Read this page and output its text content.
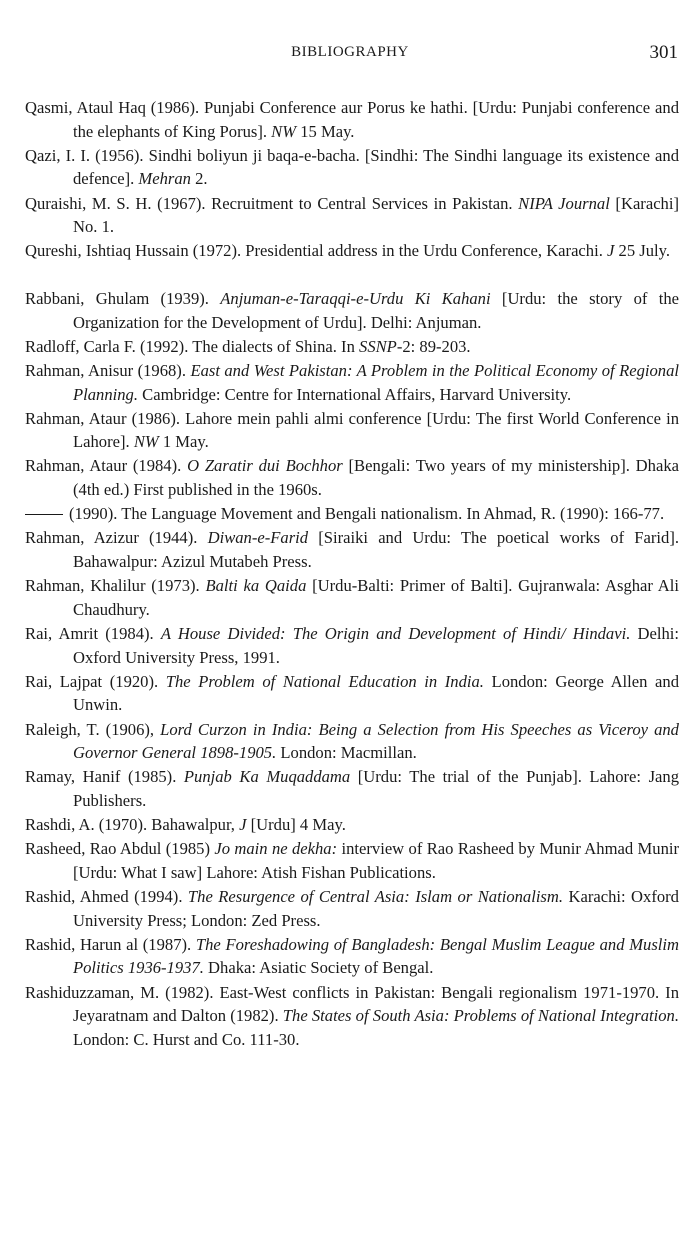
BIBLIOGRAPHY	301

Qasmi, Ataul Haq (1986). Punjabi Conference aur Porus ke hathi. [Urdu: Punjabi conference and the elephants of King Porus]. NW 15 May.

Qazi, I. I. (1956). Sindhi boliyun ji baqa-e-bacha. [Sindhi: The Sindhi language its existence and defence]. Mehran 2.

Quraishi, M. S. H. (1967). Recruitment to Central Services in Pakistan. NIPA Journal [Karachi] No. 1.

Qureshi, Ishtiaq Hussain (1972). Presidential address in the Urdu Conference, Karachi. J 25 July.

Rabbani, Ghulam (1939). Anjuman-e-Taraqqi-e-Urdu Ki Kahani [Urdu: the story of the Organization for the Development of Urdu]. Delhi: Anjuman.

Radloff, Carla F. (1992). The dialects of Shina. In SSNP-2: 89-203.

Rahman, Anisur (1968). East and West Pakistan: A Problem in the Political Economy of Regional Planning. Cambridge: Centre for International Affairs, Harvard University.

Rahman, Ataur (1986). Lahore mein pahli almi conference [Urdu: The first World Conference in Lahore]. NW 1 May.

Rahman, Ataur (1984). O Zaratir dui Bochhor [Bengali: Two years of my ministership]. Dhaka (4th ed.) First published in the 1960s.

(1990). The Language Movement and Bengali nationalism. In Ahmad, R. (1990): 166-77.

Rahman, Azizur (1944). Diwan-e-Farid [Siraiki and Urdu: The poetical works of Farid]. Bahawalpur: Azizul Mutabeh Press.

Rahman, Khalilur (1973). Balti ka Qaida [Urdu-Balti: Primer of Balti]. Gujranwala: Asghar Ali Chaudhury.

Rai, Amrit (1984). A House Divided: The Origin and Development of Hindi/ Hindavi. Delhi: Oxford University Press, 1991.

Rai, Lajpat (1920). The Problem of National Education in India. London: George Allen and Unwin.

Raleigh, T. (1906), Lord Curzon in India: Being a Selection from His Speeches as Viceroy and Governor General 1898-1905. London: Macmillan.

Ramay, Hanif (1985). Punjab Ka Muqaddama [Urdu: The trial of the Punjab]. Lahore: Jang Publishers.

Rashdi, A. (1970). Bahawalpur, J [Urdu] 4 May.

Rasheed, Rao Abdul (1985) Jo main ne dekha: interview of Rao Rasheed by Munir Ahmad Munir [Urdu: What I saw] Lahore: Atish Fishan Publications.

Rashid, Ahmed (1994). The Resurgence of Central Asia: Islam or Nationalism. Karachi: Oxford University Press; London: Zed Press.

Rashid, Harun al (1987). The Foreshadowing of Bangladesh: Bengal Muslim League and Muslim Politics 1936-1937. Dhaka: Asiatic Society of Bengal.

Rashiduzzaman, M. (1982). East-West conflicts in Pakistan: Bengali regionalism 1971-1970. In Jeyaratnam and Dalton (1982). The States of South Asia: Problems of National Integration. London: C. Hurst and Co. 111-30.
